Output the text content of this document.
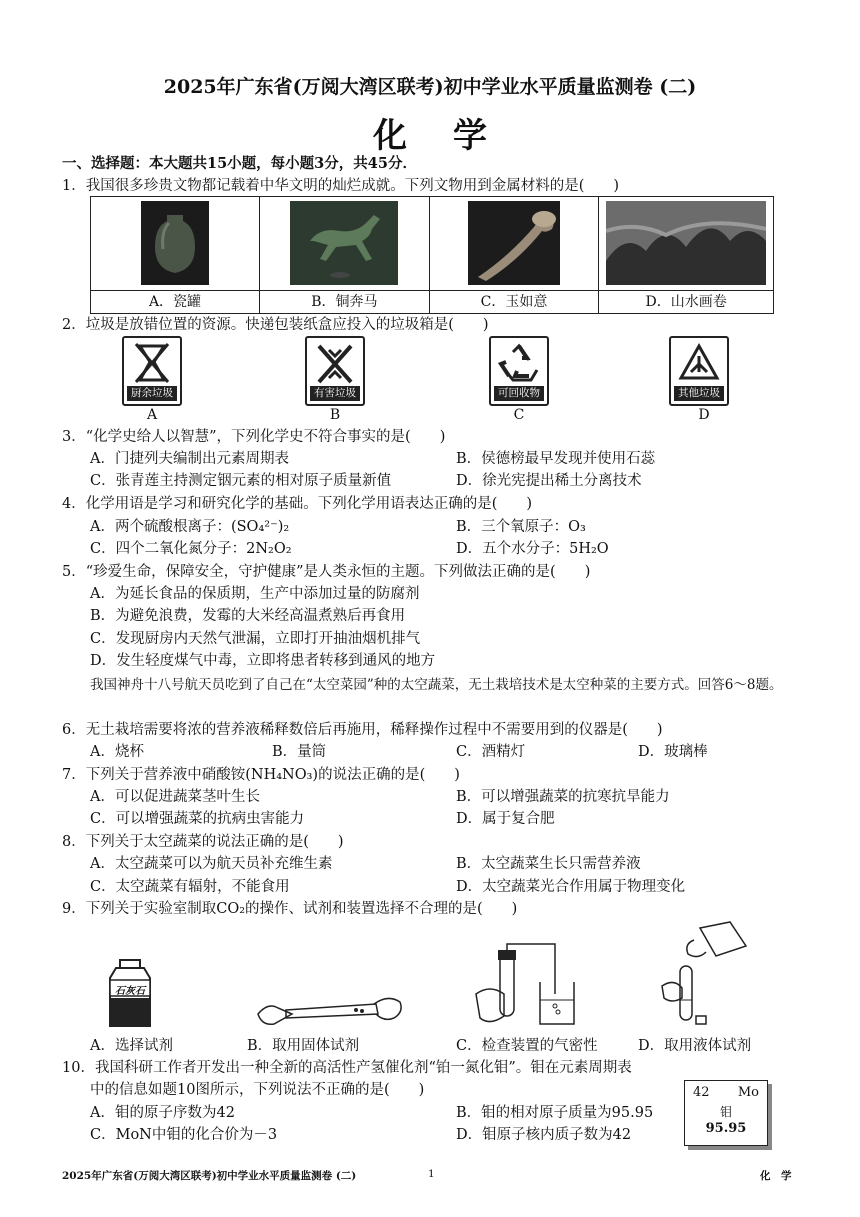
2025年广东省(万阅大湾区联考)初中学业水平质量监测卷 (二)
化学
一、选择题：本大题共15小题，每小题3分，共45分．
1．我国很多珍贵文物都记载着中华文明的灿烂成就。下列文物用到金属材料的是(　　)

A．瓷罐	B．铜奔马	C．玉如意	D．山水画卷
2．垃圾是放错位置的资源。快递包装纸盒应投入的垃圾箱是(　　)
厨余垃圾
A
有害垃圾
B
可回收物
C
其他垃圾
D
3．“化学史给人以智慧”，下列化学史不符合事实的是(　　)
A．门捷列夫编制出元素周期表	B．侯德榜最早发现并使用石蕊
C．张青莲主持测定铟元素的相对原子质量新值	D．徐光宪提出稀土分离技术
4．化学用语是学习和研究化学的基础。下列化学用语表达正确的是(　　)
A．两个硫酸根离子：(SO₄²⁻)₂	B．三个氧原子：O₃
C．四个二氧化氮分子：2N₂O₂	D．五个水分子：5H₂O
5．“珍爱生命，保障安全，守护健康”是人类永恒的主题。下列做法正确的是(　　)
A．为延长食品的保质期，生产中添加过量的防腐剂
B．为避免浪费，发霉的大米经高温煮熟后再食用
C．发现厨房内天然气泄漏，立即打开抽油烟机排气
D．发生轻度煤气中毒，立即将患者转移到通风的地方
我国神舟十八号航天员吃到了自己在“太空菜园”种的太空蔬菜，无土栽培技术是太空种菜的主要方式。回答6～8题。
6．无土栽培需要将浓的营养液稀释数倍后再施用，稀释操作过程中不需要用到的仪器是(　　)
A．烧杯	B．量筒	C．酒精灯	D．玻璃棒
7．下列关于营养液中硝酸铵(NH₄NO₃)的说法正确的是(　　)
A．可以促进蔬菜茎叶生长	B．可以增强蔬菜的抗寒抗旱能力
C．可以增强蔬菜的抗病虫害能力	D．属于复合肥
8．下列关于太空蔬菜的说法正确的是(　　)
A．太空蔬菜可以为航天员补充维生素	B．太空蔬菜生长只需营养液
C．太空蔬菜有辐射，不能食用	D．太空蔬菜光合作用属于物理变化
9．下列关于实验室制取CO₂的操作、试剂和装置选择不合理的是(　　)
石灰石
A．选择试剂	B．取用固体试剂	C．检查装置的气密性	D．取用液体试剂
10．我国科研工作者开发出一种全新的高活性产氢催化剂“铂一氮化钼”。钼在元素周期表
中的信息如题10图所示，下列说法不正确的是(　　)
A．钼的原子序数为42	B．钼的相对原子质量为95.95
C．MoN中钼的化合价为－3	D．钼原子核内质子数为42
42 Mo
钼
95.95
2025年广东省(万阅大湾区联考)初中学业水平质量监测卷 (二)	1	化　学
